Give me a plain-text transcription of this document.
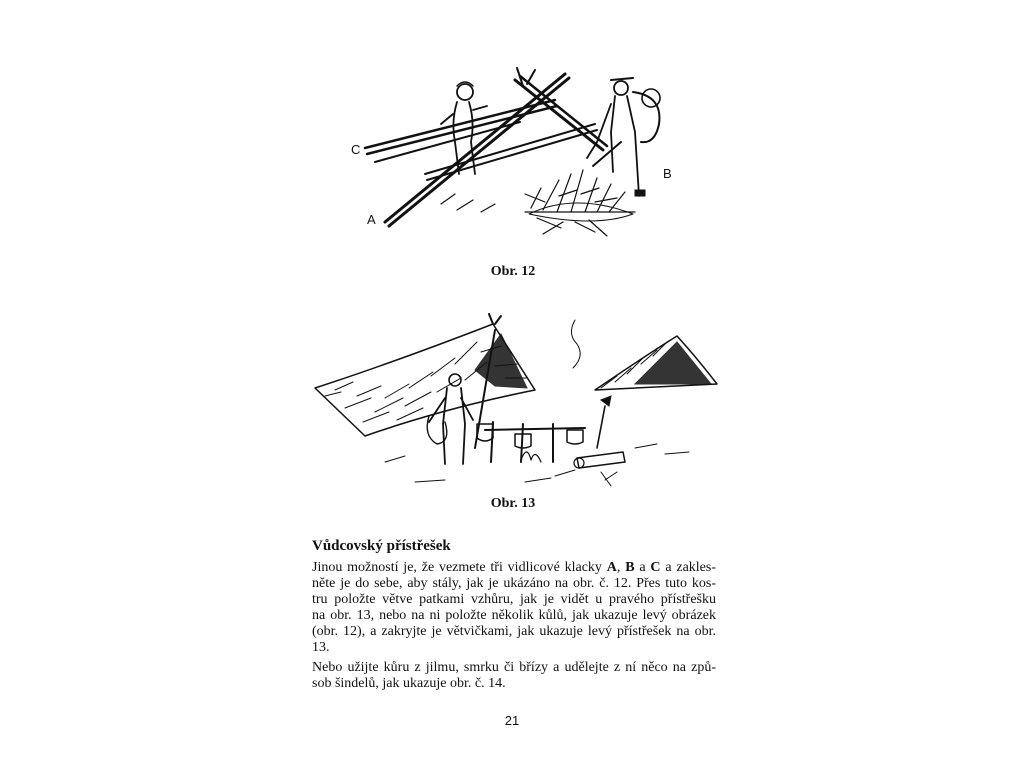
C
A
B
Obr. 12
Obr. 13
Vůdcovský přístřešek

Jinou možností je, že vezmete tři vidlicové klacky A, B a C a zakles-
něte je do sebe, aby stály, jak je ukázáno na obr. č. 12. Přes tuto kos-
tru položte větve patkami vzhůru, jak je vidět u pravého přístřešku
na obr. 13, nebo na ni položte několik kůlů, jak ukazuje levý obrázek
(obr. 12), a zakryjte je větvičkami, jak ukazuje levý přístřešek na obr.
13.

Nebo užijte kůru z jilmu, smrku či břízy a udělejte z ní něco na způ-
sob šindelů, jak ukazuje obr. č. 14.

21
